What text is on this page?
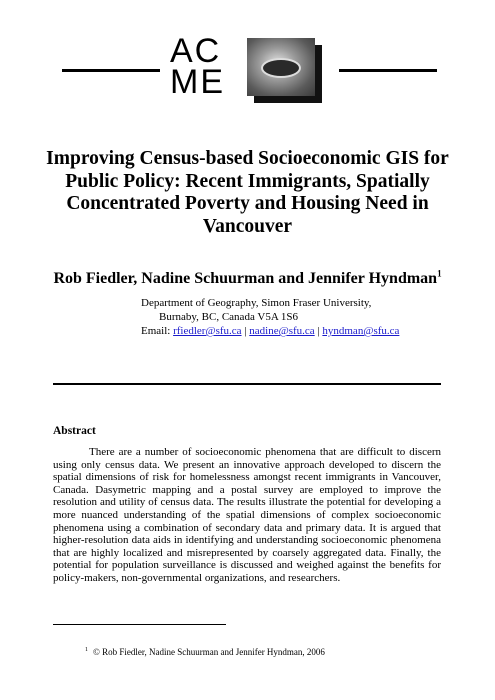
AC
ME
Improving Census-based Socioeconomic GIS for Public Policy: Recent Immigrants, Spatially Concentrated Poverty and Housing Need in Vancouver
Rob Fiedler, Nadine Schuurman and Jennifer Hyndman$^1$
Department of Geography, Simon Fraser University,
Burnaby, BC, Canada V5A 1S6
Email: rfiedler@sfu.ca | nadine@sfu.ca | hyndman@sfu.ca
Abstract
There are a number of socioeconomic phenomena that are difficult to discern using only census data. We present an innovative approach developed to discern the spatial dimensions of risk for homelessness amongst recent immigrants in Vancouver, Canada. Dasymetric mapping and a postal survey are employed to improve the resolution and utility of census data. The results illustrate the potential for developing a more nuanced understanding of the spatial dimensions of complex socioeconomic phenomena using a combination of secondary data and primary data. It is argued that higher-resolution data aids in identifying and understanding socioeconomic phenomena that are highly localized and misrepresented by coarsely aggregated data. Finally, the potential for population surveillance is discussed and weighed against the benefits for policy-makers, non-governmental organizations, and researchers.
$^1$ © Rob Fiedler, Nadine Schuurman and Jennifer Hyndman, 2006
